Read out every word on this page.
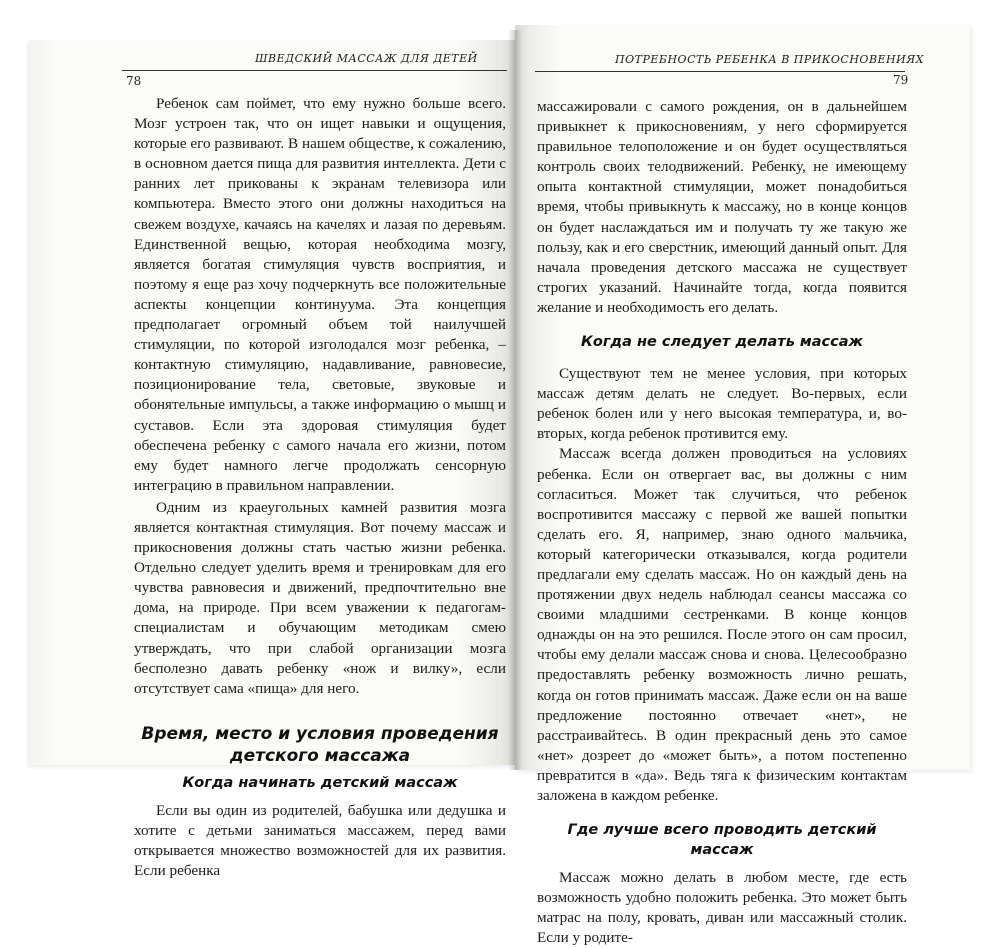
ШВЕДСКИЙ МАССАЖ ДЛЯ ДЕТЕЙ
78

Ребенок сам поймет, что ему нужно больше всего. Мозг устроен так, что он ищет навыки и ощущения, которые его развивают. В нашем обществе, к сожалению, в основном дается пища для развития интеллекта. Дети с ранних лет прикованы к экранам телевизора или компьютера. Вместо этого они должны находиться на свежем воздухе, качаясь на качелях и лазая по деревьям. Единственной вещью, которая необходима мозгу, является богатая стимуляция чувств восприятия, и поэтому я еще раз хочу подчеркнуть все положительные аспекты концепции континуума. Эта концепция предполагает огромный объем той наилучшей стимуляции, по которой изголодался мозг ребенка, – контактную стимуляцию, надавливание, равновесие, позиционирование тела, световые, звуковые и обонятельные импульсы, а также информацию о мышц и суставов. Если эта здоровая стимуляция будет обеспечена ребенку с самого начала его жизни, потом ему будет намного легче продолжать сенсорную интеграцию в правильном направлении.

Одним из краеугольных камней развития мозга является контактная стимуляция. Вот почему массаж и прикосновения должны стать частью жизни ребенка. Отдельно следует уделить время и тренировкам для его чувства равновесия и движений, предпочтительно вне дома, на природе. При всем уважении к педагогам-специалистам и обучающим методикам смею утверждать, что при слабой организации мозга бесполезно давать ребенку «нож и вилку», если отсутствует сама «пища» для него.

Время, место и условия проведения
детского массажа
Когда начинать детский массаж

Если вы один из родителей, бабушка или дедушка и хотите с детьми заниматься массажем, перед вами открывается множество возможностей для их развития. Если ребенка

ПОТРЕБНОСТЬ РЕБЕНКА В ПРИКОСНОВЕНИЯХ
79

массажировали с самого рождения, он в дальнейшем привыкнет к прикосновениям, у него сформируется правильное телоположение и он будет осуществляться контроль своих телодвижений. Ребенку, не имеющему опыта контактной стимуляции, может понадобиться время, чтобы привыкнуть к массажу, но в конце концов он будет наслаждаться им и получать ту же такую же пользу, как и его сверстник, имеющий данный опыт. Для начала проведения детского массажа не существует строгих указаний. Начинайте тогда, когда появится желание и необходимость его делать.

Когда не следует делать массаж

Существуют тем не менее условия, при которых массаж детям делать не следует. Во-первых, если ребенок болен или у него высокая температура, и, во-вторых, когда ребенок противится ему.

Массаж всегда должен проводиться на условиях ребенка. Если он отвергает вас, вы должны с ним согласиться. Может так случиться, что ребенок воспротивится массажу с первой же вашей попытки сделать его. Я, например, знаю одного мальчика, который категорически отказывался, когда родители предлагали ему сделать массаж. Но он каждый день на протяжении двух недель наблюдал сеансы массажа со своими младшими сестренками. В конце концов однажды он на это решился. После этого он сам просил, чтобы ему делали массаж снова и снова. Целесообразно предоставлять ребенку возможность лично решать, когда он готов принимать массаж. Даже если он на ваше предложение постоянно отвечает «нет», не расстраивайтесь. В один прекрасный день это самое «нет» дозреет до «может быть», а потом постепенно превратится в «да». Ведь тяга к физическим контактам заложена в каждом ребенке.

Где лучше всего проводить детский массаж

Массаж можно делать в любом месте, где есть возможность удобно положить ребенка. Это может быть матрас на полу, кровать, диван или массажный столик. Если у родите-
